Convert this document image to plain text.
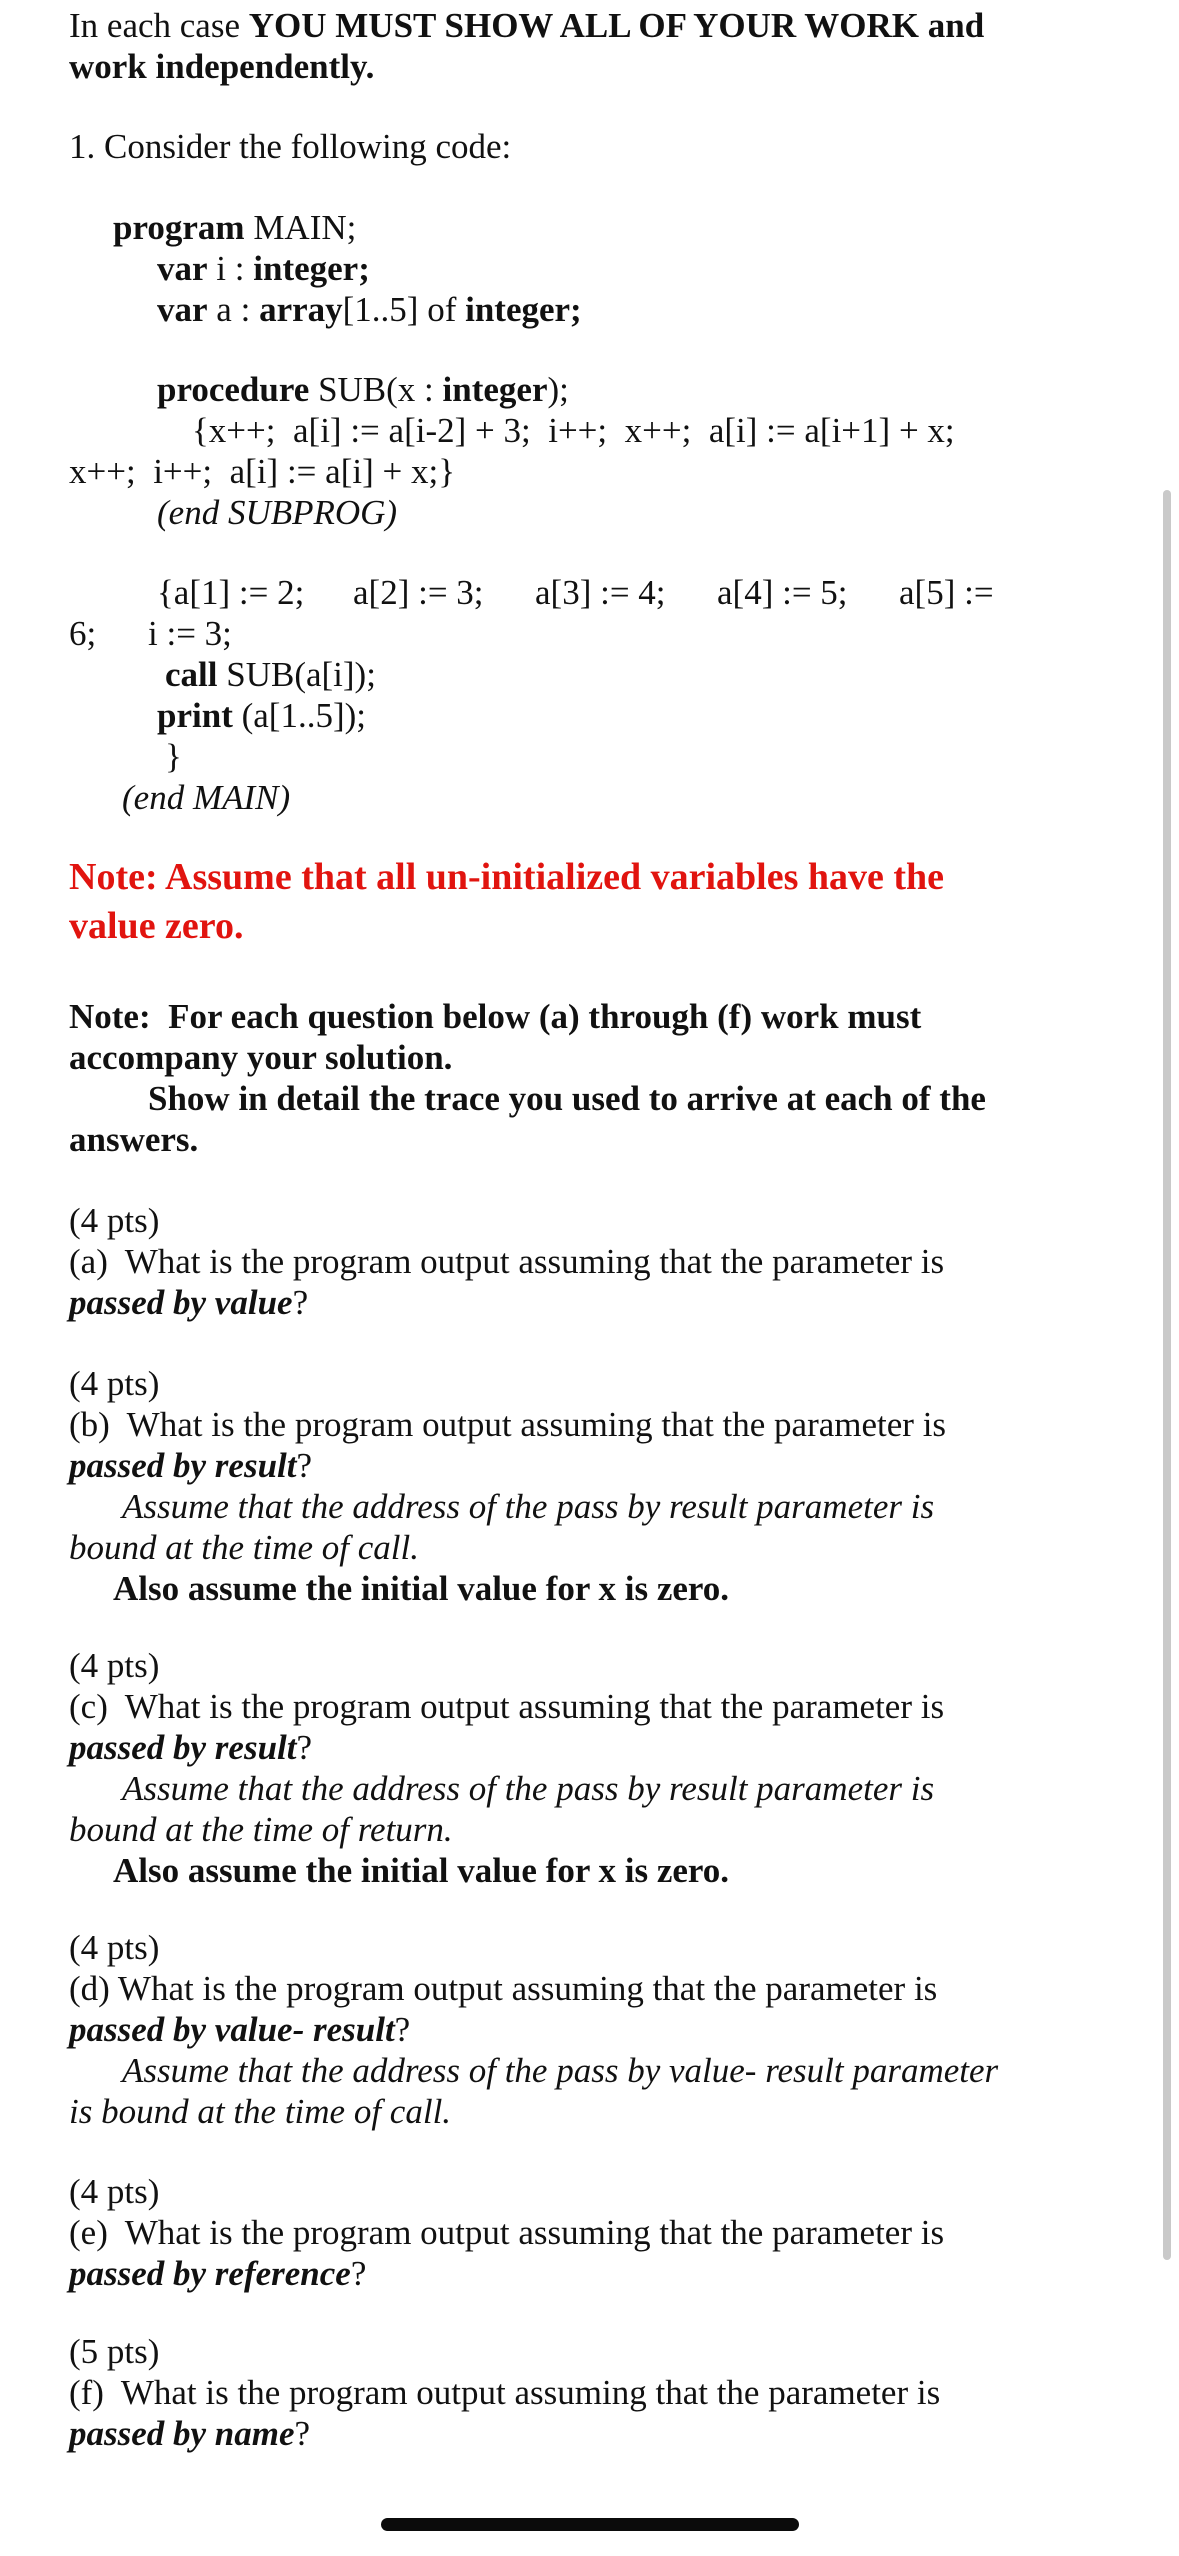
In each case YOU MUST SHOW ALL OF YOUR WORK and
work independently.
1. Consider the following code:
program MAIN;
var i : integer;
var a : array[1..5] of integer;
procedure SUB(x : integer);
{x++;  a[i] := a[i-2] + 3;  i++;  x++;  a[i] := a[i+1] + x;
x++;  i++;  a[i] := a[i] + x;}
(end SUBPROG)
{a[1] := 2; a[2] := 3; a[3] := 4; a[4] := 5; a[5] :=
6; i := 3;
call SUB(a[i]);
print (a[1..5]);
}
(end MAIN)
Note: Assume that all un-initialized variables have the
value zero.
Note:  For each question below (a) through (f) work must
accompany your solution.
Show in detail the trace you used to arrive at each of the
answers.
(4 pts)
(a)  What is the program output assuming that the parameter is
passed by value?
(4 pts)
(b)  What is the program output assuming that the parameter is
passed by result?
Assume that the address of the pass by result parameter is
bound at the time of call.
Also assume the initial value for x is zero.
(4 pts)
(c)  What is the program output assuming that the parameter is
passed by result?
Assume that the address of the pass by result parameter is
bound at the time of return.
Also assume the initial value for x is zero.
(4 pts)
(d) What is the program output assuming that the parameter is
passed by value- result?
Assume that the address of the pass by value- result parameter
is bound at the time of call.
(4 pts)
(e)  What is the program output assuming that the parameter is
passed by reference?
(5 pts)
(f)  What is the program output assuming that the parameter is
passed by name?
